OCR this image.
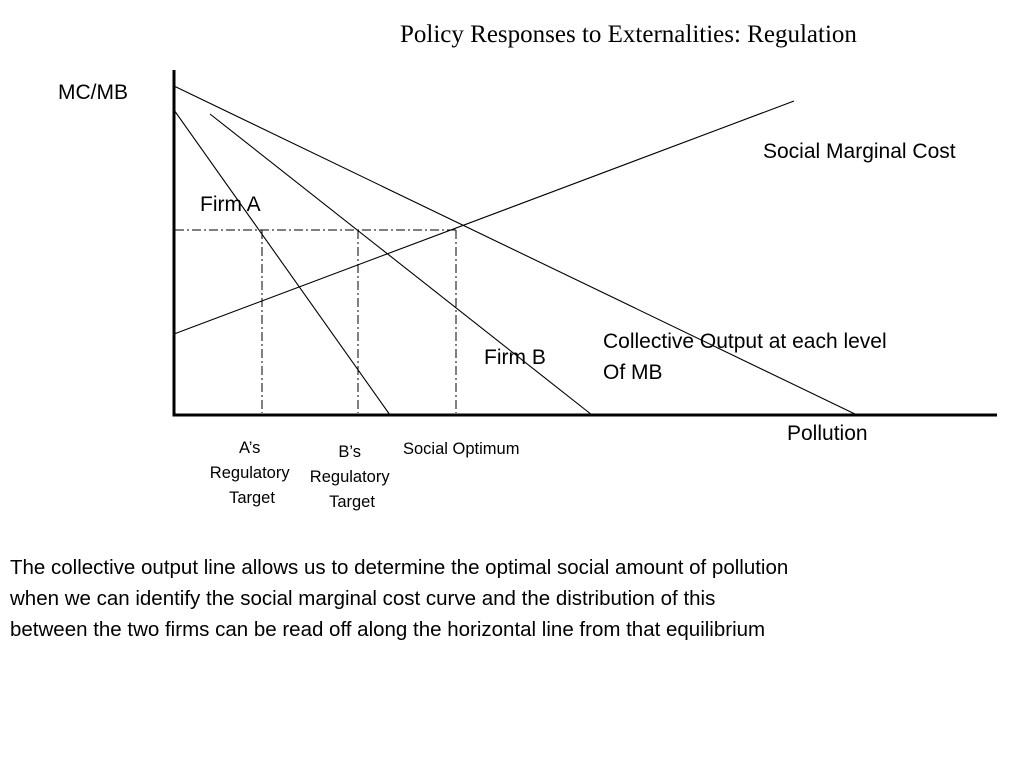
Policy Responses to Externalities: Regulation
MC/MB
Pollution
Social Marginal Cost
Firm A
Firm B
Collective Output at each level Of MB
A’s Regulatory Target
B’s Regulatory Target
Social Optimum
The collective output line allows us to determine the optimal social amount of pollution
when we can identify the social marginal cost curve and the distribution of this
between the two firms can be read off along the horizontal line from that equilibrium
